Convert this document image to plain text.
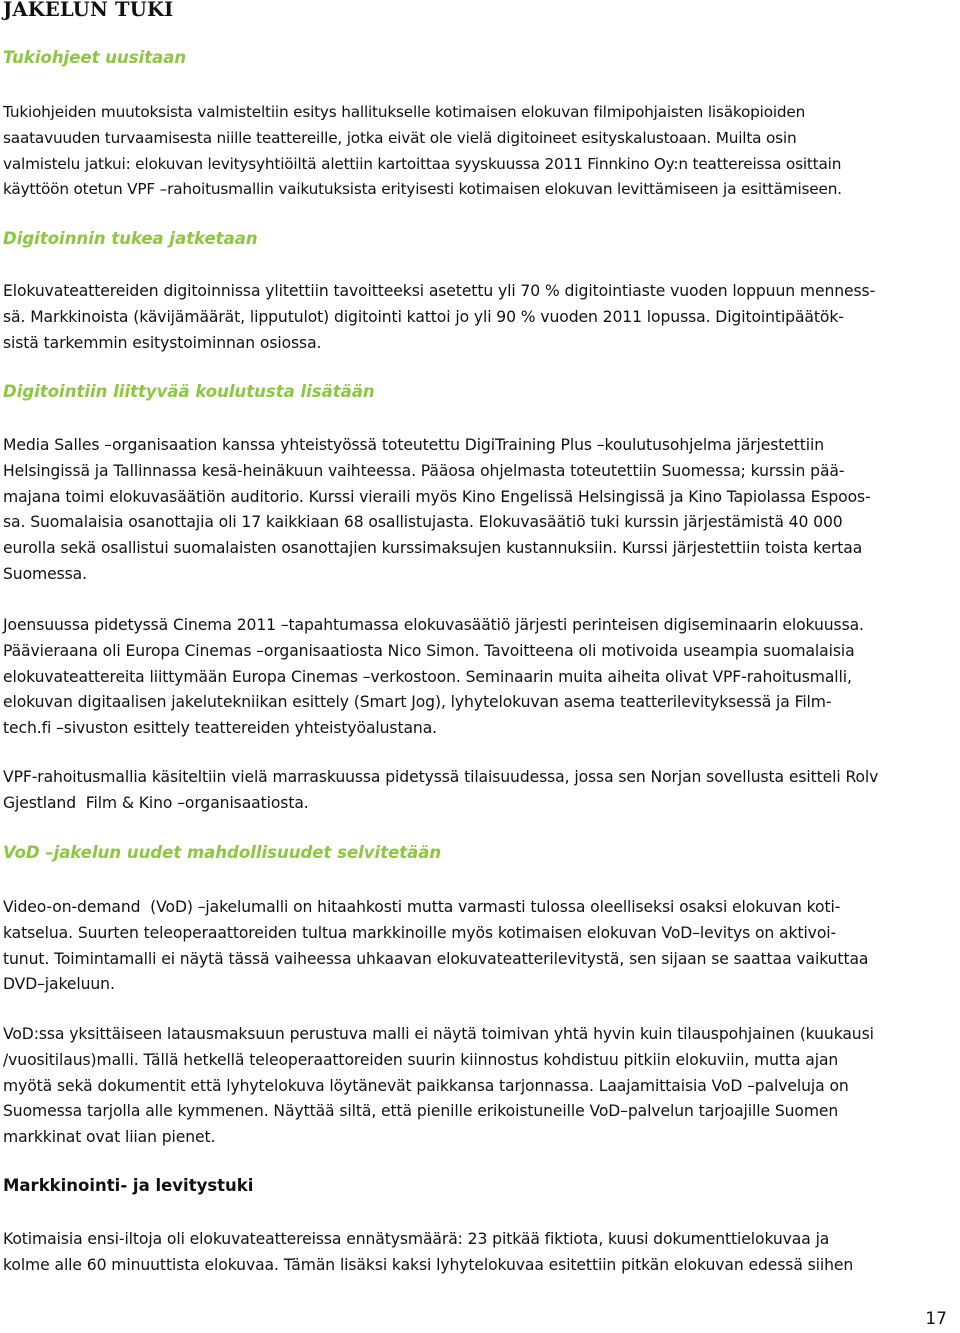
JAKELUN TUKI
Tukiohjeet uusitaan

Tukiohjeiden muutoksista valmisteltiin esitys hallitukselle kotimaisen elokuvan filmipohjaisten lisäkopioiden
saatavuuden turvaamisesta niille teattereille, jotka eivät ole vielä digitoineet esityskalustoaan. Muilta osin
valmistelu jatkui: elokuvan levitysyhtiöiltä alettiin kartoittaa syyskuussa 2011 Finnkino Oy:n teattereissa osittain
käyttöön otetun VPF –rahoitusmallin vaikutuksista erityisesti kotimaisen elokuvan levittämiseen ja esittämiseen.

Digitoinnin tukea jatketaan

Elokuvateattereiden digitoinnissa ylitettiin tavoitteeksi asetettu yli 70 % digitointiaste vuoden loppuun menness-
sä. Markkinoista (kävijämäärät, lipputulot) digitointi kattoi jo yli 90 % vuoden 2011 lopussa. Digitointipäätök-
sistä tarkemmin esitystoiminnan osiossa.

Digitointiin liittyvää koulutusta lisätään

Media Salles –organisaation kanssa yhteistyössä toteutettu DigiTraining Plus –koulutusohjelma järjestettiin
Helsingissä ja Tallinnassa kesä-heinäkuun vaihteessa. Pääosa ohjelmasta toteutettiin Suomessa; kurssin pää-
majana toimi elokuvasäätiön auditorio. Kurssi vieraili myös Kino Engelissä Helsingissä ja Kino Tapiolassa Espoos-
sa. Suomalaisia osanottajia oli 17 kaikkiaan 68 osallistujasta. Elokuvasäätiö tuki kurssin järjestämistä 40 000
eurolla sekä osallistui suomalaisten osanottajien kurssimaksujen kustannuksiin. Kurssi järjestettiin toista kertaa
Suomessa.

Joensuussa pidetyssä Cinema 2011 –tapahtumassa elokuvasäätiö järjesti perinteisen digiseminaarin elokuussa.
Päävieraana oli Europa Cinemas –organisaatiosta Nico Simon. Tavoitteena oli motivoida useampia suomalaisia
elokuvateattereita liittymään Europa Cinemas –verkostoon. Seminaarin muita aiheita olivat VPF-rahoitusmalli,
elokuvan digitaalisen jakelutekniikan esittely (Smart Jog), lyhytelokuvan asema teatterilevityksessä ja Film-
tech.fi –sivuston esittely teattereiden yhteistyöalustana.

VPF-rahoitusmallia käsiteltiin vielä marraskuussa pidetyssä tilaisuudessa, jossa sen Norjan sovellusta esitteli Rolv
Gjestland  Film & Kino –organisaatiosta.

VoD –jakelun uudet mahdollisuudet selvitetään

Video-on-demand  (VoD) –jakelumalli on hitaahkosti mutta varmasti tulossa oleelliseksi osaksi elokuvan koti-
katselua. Suurten teleoperaattoreiden tultua markkinoille myös kotimaisen elokuvan VoD–levitys on aktivoi-
tunut. Toimintamalli ei näytä tässä vaiheessa uhkaavan elokuvateatterilevitystä, sen sijaan se saattaa vaikuttaa
DVD–jakeluun.

VoD:ssa yksittäiseen latausmaksuun perustuva malli ei näytä toimivan yhtä hyvin kuin tilauspohjainen (kuukausi
/vuositilaus)malli. Tällä hetkellä teleoperaattoreiden suurin kiinnostus kohdistuu pitkiin elokuviin, mutta ajan
myötä sekä dokumentit että lyhytelokuva löytänevät paikkansa tarjonnassa. Laajamittaisia VoD –palveluja on
Suomessa tarjolla alle kymmenen. Näyttää siltä, että pienille erikoistuneille VoD–palvelun tarjoajille Suomen
markkinat ovat liian pienet.

Markkinointi- ja levitystuki

Kotimaisia ensi-iltoja oli elokuvateattereissa ennätysmäärä: 23 pitkää fiktiota, kuusi dokumenttielokuvaa ja
kolme alle 60 minuuttista elokuvaa. Tämän lisäksi kaksi lyhytelokuvaa esitettiin pitkän elokuvan edessä siihen

17
